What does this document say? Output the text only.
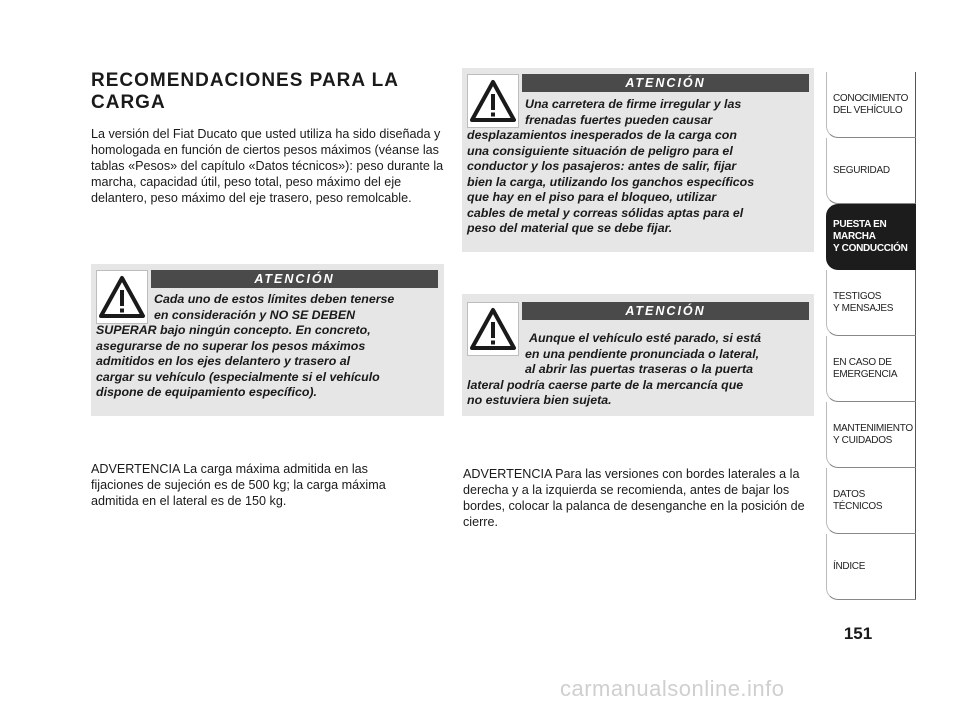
RECOMENDACIONES PARA LA CARGA

La versión del Fiat Ducato que usted utiliza ha sido diseñada y homologada en función de ciertos pesos máximos (véanse las tablas «Pesos» del capítulo «Datos técnicos»): peso durante la marcha, capacidad útil, peso total, peso máximo del eje delantero, peso máximo del eje trasero, peso remolcable.

ATENCIÓN

Cada uno de estos límites deben tenerse
en consideración y NO SE DEBEN
SUPERAR bajo ningún concepto. En concreto,
asegurarse de no superar los pesos máximos
admitidos en los ejes delantero y trasero al
cargar su vehículo (especialmente si el vehículo
dispone de equipamiento específico).

ADVERTENCIA La carga máxima admitida en las fijaciones de sujeción es de 500 kg; la carga máxima admitida en el lateral es de 150 kg.

ATENCIÓN

Una carretera de firme irregular y las
frenadas fuertes pueden causar
desplazamientos inesperados de la carga con
una consiguiente situación de peligro para el
conductor y los pasajeros: antes de salir, fijar
bien la carga, utilizando los ganchos específicos
que hay en el piso para el bloqueo, utilizar
cables de metal y correas sólidas aptas para el
peso del material que se debe fijar.

ATENCIÓN

Aunque el vehículo esté parado, si está
en una pendiente pronunciada o lateral,
al abrir las puertas traseras o la puerta
lateral podría caerse parte de la mercancía que
no estuviera bien sujeta.

ADVERTENCIA Para las versiones con bordes laterales a la derecha y a la izquierda se recomienda, antes de bajar los bordes, colocar la palanca de desenganche en la posición de cierre.

CONOCIMIENTO
DEL VEHÍCULO
SEGURIDAD
PUESTA EN
MARCHA
Y CONDUCCIÓN
TESTIGOS
Y MENSAJES
EN CASO DE
EMERGENCIA
MANTENIMIENTO
Y CUIDADOS
DATOS
TÉCNICOS
ÍNDICE
151
carmanualsonline.info
